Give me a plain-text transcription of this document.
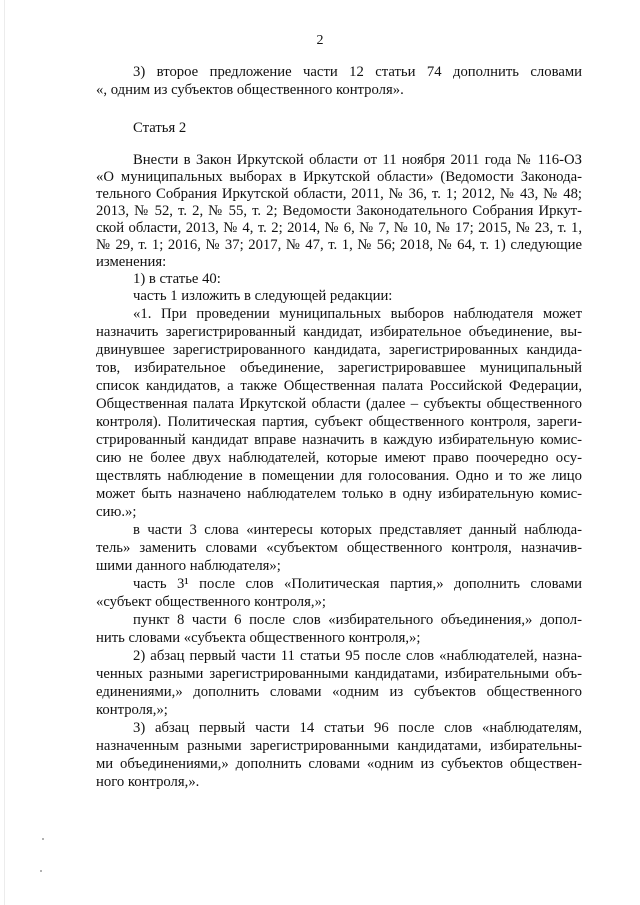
2
3) второе предложение части 12 статьи 74 дополнить словами
«, одним из субъектов общественного контроля».
Статья 2
Внести в Закон Иркутской области от 11 ноября 2011 года № 116-ОЗ
«О муниципальных выборах в Иркутской области» (Ведомости Законода-
тельного Собрания Иркутской области, 2011, № 36, т. 1; 2012, № 43, № 48;
2013, № 52, т. 2, № 55, т. 2; Ведомости Законодательного Собрания Иркут-
ской области, 2013, № 4, т. 2; 2014, № 6, № 7, № 10, № 17; 2015, № 23, т. 1,
№ 29, т. 1; 2016, № 37; 2017, № 47, т. 1, № 56; 2018, № 64, т. 1) следующие
изменения:
1) в статье 40:
часть 1 изложить в следующей редакции:
«1. При проведении муниципальных выборов наблюдателя может
назначить зарегистрированный кандидат, избирательное объединение, вы-
двинувшее зарегистрированного кандидата, зарегистрированных кандида-
тов, избирательное объединение, зарегистрировавшее муниципальный
список кандидатов, а также Общественная палата Российской Федерации,
Общественная палата Иркутской области (далее – субъекты общественного
контроля). Политическая партия, субъект общественного контроля, зареги-
стрированный кандидат вправе назначить в каждую избирательную комис-
сию не более двух наблюдателей, которые имеют право поочередно осу-
ществлять наблюдение в помещении для голосования. Одно и то же лицо
может быть назначено наблюдателем только в одну избирательную комис-
сию.»;
в части 3 слова «интересы которых представляет данный наблюда-
тель» заменить словами «субъектом общественного контроля, назначив-
шими данного наблюдателя»;
часть 3¹ после слов «Политическая партия,» дополнить словами
«субъект общественного контроля,»;
пункт 8 части 6 после слов «избирательного объединения,» допол-
нить словами «субъекта общественного контроля,»;
2) абзац первый части 11 статьи 95 после слов «наблюдателей, назна-
ченных разными зарегистрированными кандидатами, избирательными объ-
единениями,» дополнить словами «одним из субъектов общественного
контроля,»;
3) абзац первый части 14 статьи 96 после слов «наблюдателям,
назначенным разными зарегистрированными кандидатами, избирательны-
ми объединениями,» дополнить словами «одним из субъектов обществен-
ного контроля,».
